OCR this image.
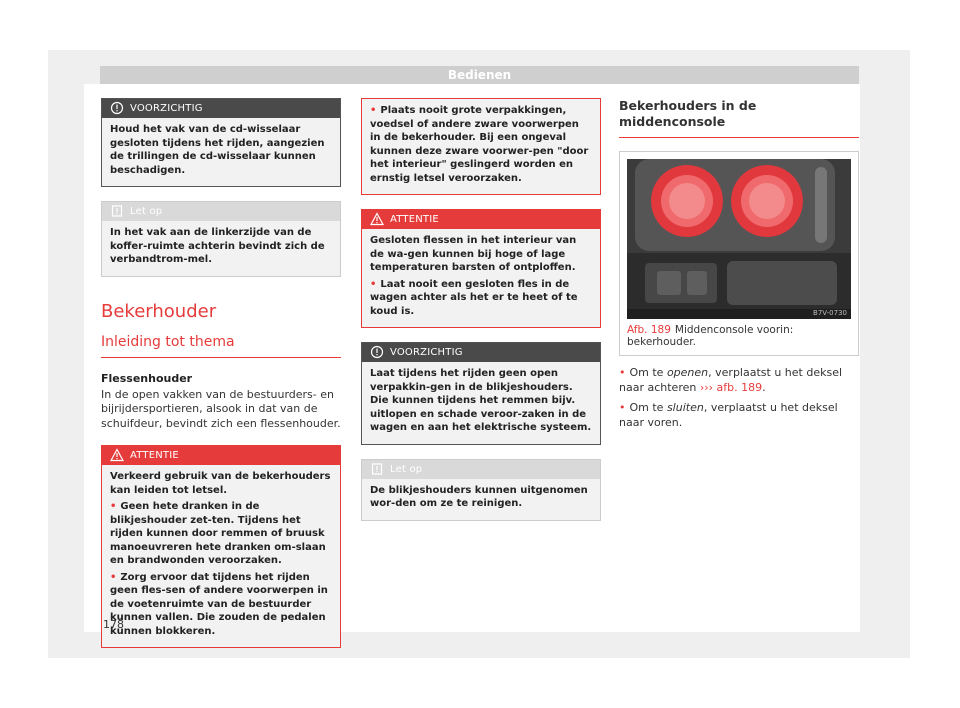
Bedienen
VOORZICHTIG

Houd het vak van de cd-wisselaar gesloten tijdens het rijden, aangezien de trillingen de cd-wisselaar kunnen beschadigen.

Let op

In het vak aan de linkerzijde van de koffer-ruimte achterin bevindt zich de verbandtrom-mel.

Bekerhouder
Inleiding tot thema
Flessenhouder
In de open vakken van de bestuurders- en bijrijdersportieren, alsook in dat van de schuifdeur, bevindt zich een flessenhouder.
ATTENTIE

Verkeerd gebruik van de bekerhouders kan leiden tot letsel.

• Geen hete dranken in de blikjeshouder zet-ten. Tijdens het rijden kunnen door remmen of bruusk manoeuvreren hete dranken om-slaan en brandwonden veroorzaken.

• Zorg ervoor dat tijdens het rijden geen fles-sen of andere voorwerpen in de voetenruimte van de bestuurder kunnen vallen. Die zouden de pedalen kunnen blokkeren.

• Plaats nooit grote verpakkingen, voedsel of andere zware voorwerpen in de bekerhouder. Bij een ongeval kunnen deze zware voorwer-pen "door het interieur" geslingerd worden en ernstig letsel veroorzaken.

ATTENTIE

Gesloten flessen in het interieur van de wa-gen kunnen bij hoge of lage temperaturen barsten of ontploffen.

• Laat nooit een gesloten fles in de wagen achter als het er te heet of te koud is.

VOORZICHTIG

Laat tijdens het rijden geen open verpakkin-gen in de blikjeshouders. Die kunnen tijdens het remmen bijv. uitlopen en schade veroor-zaken in de wagen en aan het elektrische systeem.

Let op

De blikjeshouders kunnen uitgenomen wor-den om ze te reinigen.

Bekerhouders in de middenconsole
B7V-0730
Afb. 189 Middenconsole voorin: bekerhouder.
• Om te openen, verplaatst u het deksel naar achteren ››› afb. 189.
• Om te sluiten, verplaatst u het deksel naar voren.
178
